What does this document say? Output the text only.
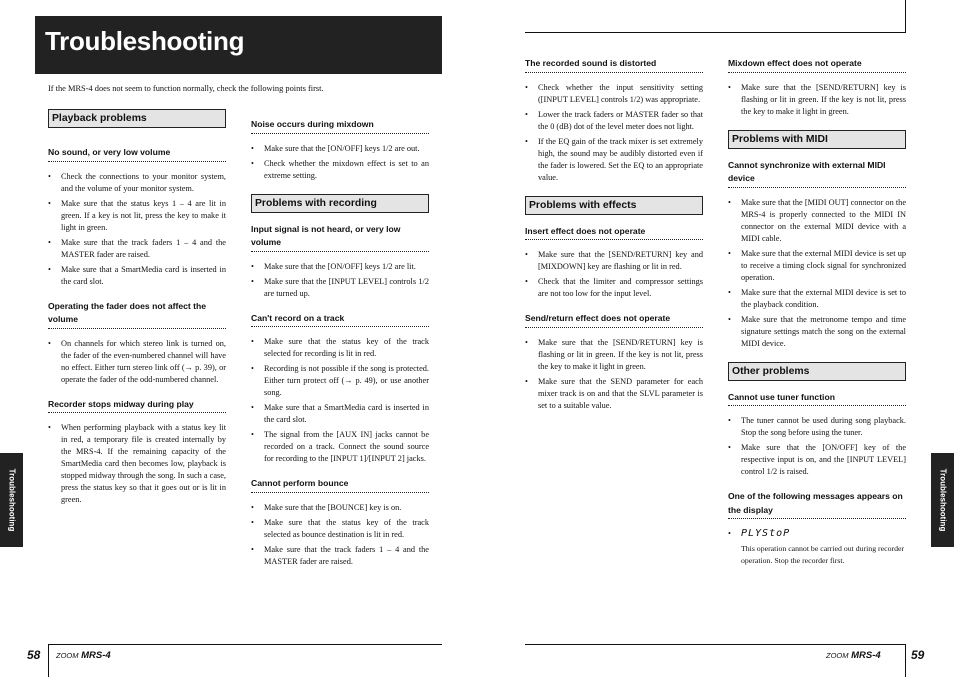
Troubleshooting
If the MRS-4 does not seem to function normally, check the following points first.
Playback problems
No sound, or very low volume
• Check the connections to your monitor system, and the volume of your monitor system.
• Make sure that the status keys 1 – 4 are lit in green. If a key is not lit, press the key to make it light in green.
• Make sure that the track faders 1 – 4 and the MASTER fader are raised.
• Make sure that a SmartMedia card is inserted in the card slot.
Operating the fader does not affect the volume
• On channels for which stereo link is turned on, the fader of the even-numbered channel will have no effect. Either turn stereo link off (→ p. 39), or operate the fader of the odd-numbered channel.
Recorder stops midway during play
• When performing playback with a status key lit in red, a temporary file is created internally by the MRS-4. If the remaining capacity of the SmartMedia card then becomes low, playback is stopped midway through the song. In such a case, press the status key so that it goes out or is lit in green.
Noise occurs during mixdown
• Make sure that the [ON/OFF] keys 1/2 are out.
• Check whether the mixdown effect is set to an extreme setting.
Problems with recording
Input signal is not heard, or very low volume
• Make sure that the [ON/OFF] keys 1/2 are lit.
• Make sure that the [INPUT LEVEL] controls 1/2 are turned up.
Can't record on a track
• Make sure that the status key of the track selected for recording is lit in red.
• Recording is not possible if the song is protected. Either turn protect off (→ p. 49), or use another song.
• Make sure that a SmartMedia card is inserted in the card slot.
• The signal from the [AUX IN] jacks cannot be recorded on a track. Connect the sound source for recording to the [INPUT 1]/[INPUT 2] jacks.
Cannot perform bounce
• Make sure that the [BOUNCE] key is on.
• Make sure that the status key of the track selected as bounce destination is lit in red.
• Make sure that the track faders 1 – 4 and the MASTER fader are raised.
The recorded sound is distorted
• Check whether the input sensitivity setting ([INPUT LEVEL] controls 1/2) was appropriate.
• Lower the track faders or MASTER fader so that the 0 (dB) dot of the level meter does not light.
• If the EQ gain of the track mixer is set extremely high, the sound may be audibly distorted even if the fader is lowered. Set the EQ to an appropriate value.
Problems with effects
Insert effect does not operate
• Make sure that the [SEND/RETURN] key and [MIXDOWN] key are flashing or lit in red.
• Check that the limiter and compressor settings are not too low for the input level.
Send/return effect does not operate
• Make sure that the [SEND/RETURN] key is flashing or lit in green. If the key is not lit, press the key to make it light in green.
• Make sure that the SEND parameter for each mixer track is on and that the SLVL parameter is set to a suitable value.
Mixdown effect does not operate
• Make sure that the [SEND/RETURN] key is flashing or lit in green. If the key is not lit, press the key to make it light in green.
Problems with MIDI
Cannot synchronize with external MIDI device
• Make sure that the [MIDI OUT] connector on the MRS-4 is properly connected to the MIDI IN connector on the external MIDI device with a MIDI cable.
• Make sure that the external MIDI device is set up to receive a timing clock signal for synchronized operation.
• Make sure that the external MIDI device is set to the playback condition.
• Make sure that the metronome tempo and time signature settings match the song on the external MIDI device.
Other problems
Cannot use tuner function
• The tuner cannot be used during song playback. Stop the song before using the tuner.
• Make sure that the [ON/OFF] key of the respective input is on, and the [INPUT LEVEL] control 1/2 is raised.
One of the following messages appears on the display
• PLYStoP
This operation cannot be carried out during recorder operation. Stop the recorder first.
Troubleshooting	Troubleshooting
58	59
ZOOM MRS-4	ZOOM MRS-4
